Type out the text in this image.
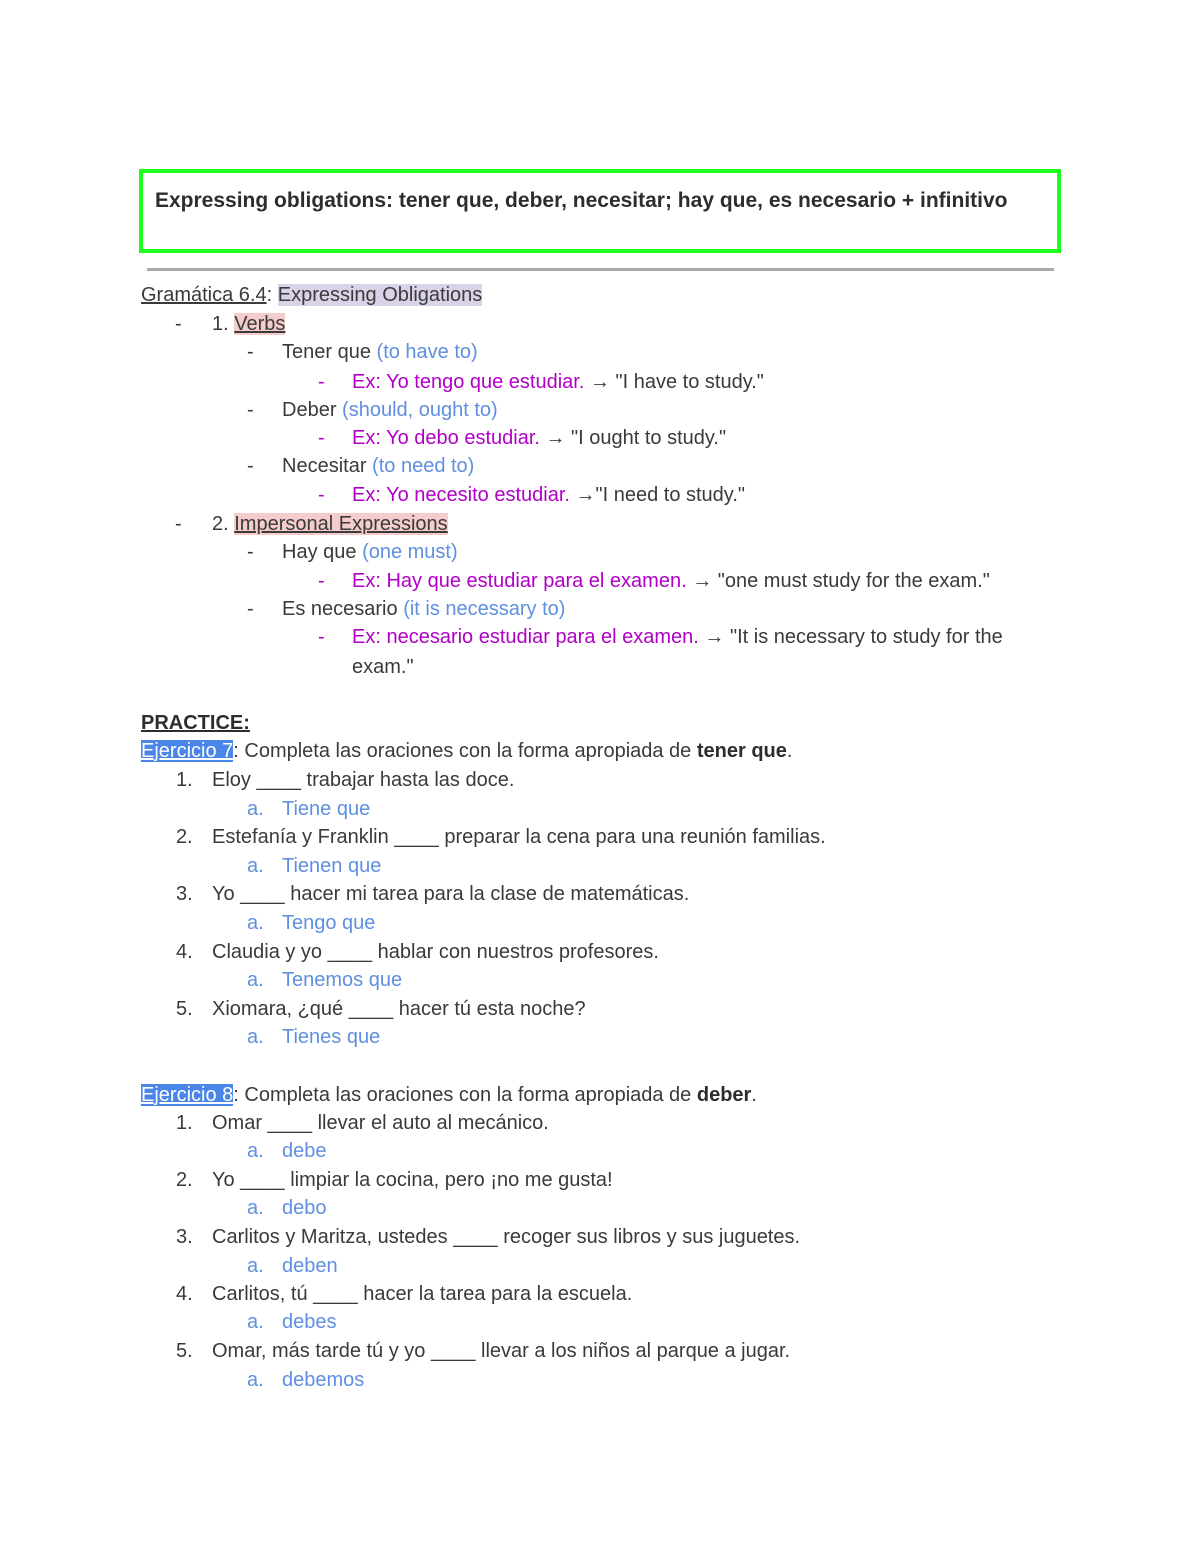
Expressing obligations: tener que, deber, necesitar; hay que, es necesario + infinitivo
Gramática 6.4: Expressing Obligations
- 1. Verbs
- Tener que (to have to)
- Ex: Yo tengo que estudiar. → "I have to study."
- Deber (should, ought to)
- Ex: Yo debo estudiar. → "I ought to study."
- Necesitar (to need to)
- Ex: Yo necesito estudiar. →"I need to study."
- 2. Impersonal Expressions
- Hay que (one must)
- Ex: Hay que estudiar para el examen. → "one must study for the exam."
- Es necesario (it is necessary to)
- Ex: necesario estudiar para el examen. → "It is necessary to study for the
exam."
PRACTICE:
Ejercicio 7: Completa las oraciones con la forma apropiada de tener que.
1. Eloy ____ trabajar hasta las doce.
a. Tiene que
2. Estefanía y Franklin ____ preparar la cena para una reunión familias.
a. Tienen que
3. Yo ____ hacer mi tarea para la clase de matemáticas.
a. Tengo que
4. Claudia y yo ____ hablar con nuestros profesores.
a. Tenemos que
5. Xiomara, ¿qué ____ hacer tú esta noche?
a. Tienes que
Ejercicio 8: Completa las oraciones con la forma apropiada de deber.
1. Omar ____ llevar el auto al mecánico.
a. debe
2. Yo ____ limpiar la cocina, pero ¡no me gusta!
a. debo
3. Carlitos y Maritza, ustedes ____ recoger sus libros y sus juguetes.
a. deben
4. Carlitos, tú ____ hacer la tarea para la escuela.
a. debes
5. Omar, más tarde tú y yo ____ llevar a los niños al parque a jugar.
a. debemos
